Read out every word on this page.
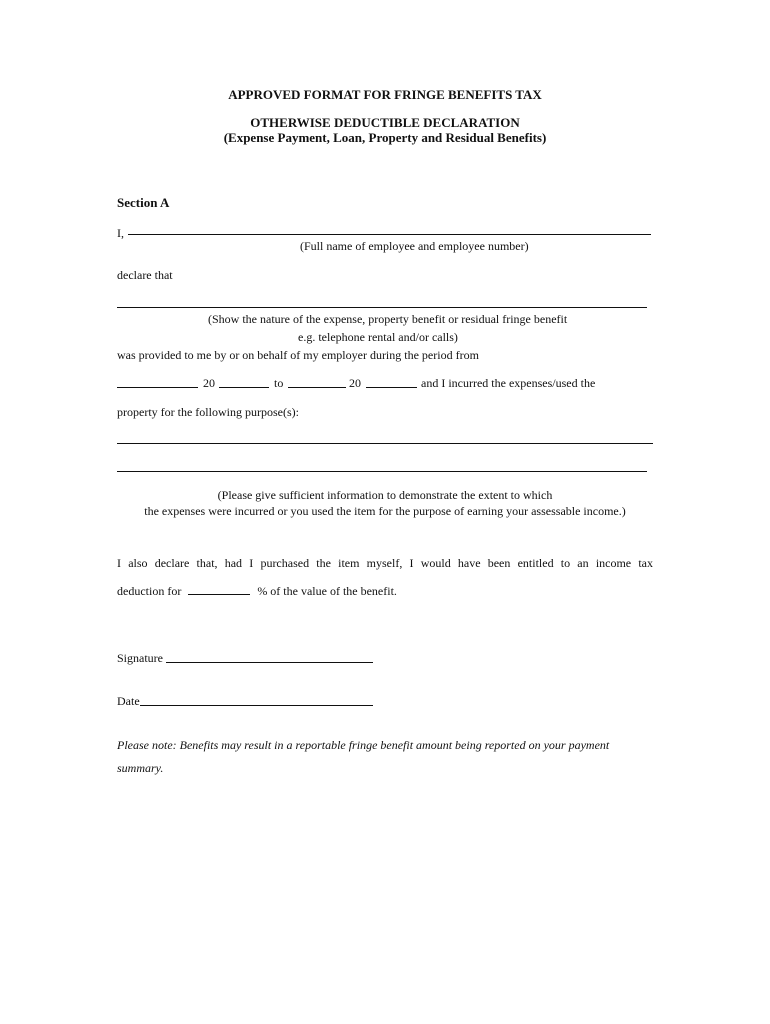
APPROVED FORMAT FOR FRINGE BENEFITS TAX
OTHERWISE DEDUCTIBLE DECLARATION
(Expense Payment, Loan, Property and Residual Benefits)
Section A
I,
(Full name of employee and employee number)
declare that
(Show the nature of the expense, property benefit or residual fringe benefit
e.g. telephone rental and/or calls)
was provided to me by or on behalf of my employer during the period from
20	to	20	and I incurred the expenses/used the
property for the following purpose(s):
(Please give sufficient information to demonstrate the extent to which
the expenses were incurred or you used the item for the purpose of earning your assessable income.)
I also declare that, had I purchased the item myself, I would have been entitled to an income tax
deduction for	% of the value of the benefit.
Signature
Date
Please note: Benefits may result in a reportable fringe benefit amount being reported on your payment
summary.
